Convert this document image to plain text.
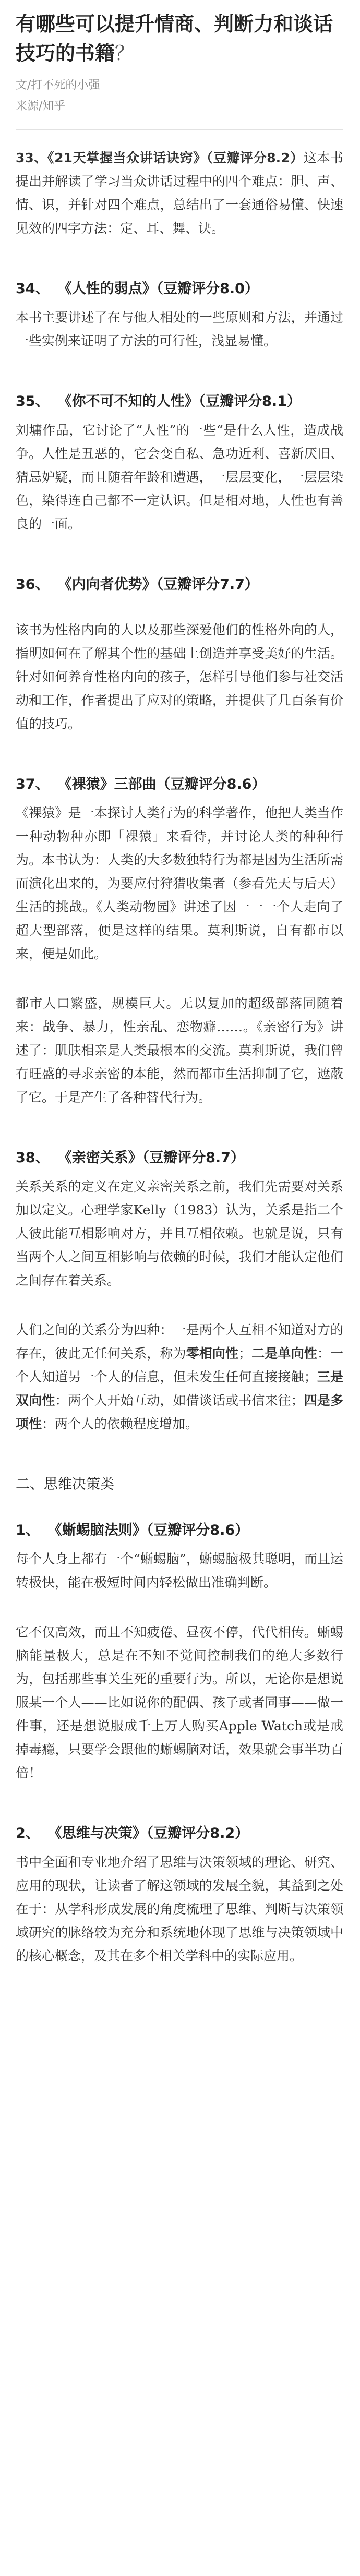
有哪些可以提升情商、判断力和谈话技巧的书籍？
文/打不死的小强
来源/知乎

33、《21天掌握当众讲话诀窍》（豆瓣评分8.2）这本书提出并解读了学习当众讲话过程中的四个难点：胆、声、情、识，并针对四个难点，总结出了一套通俗易懂、快速见效的四字方法：定、耳、舞、诀。

34、 《人性的弱点》（豆瓣评分8.0）

本书主要讲述了在与他人相处的一些原则和方法，并通过一些实例来证明了方法的可行性，浅显易懂。

35、 《你不可不知的人性》（豆瓣评分8.1）

刘墉作品，它讨论了“人性”的一些“是什么人性，造成战争。人性是丑恶的，它会变自私、急功近利、喜新厌旧、猜忌妒疑，而且随着年龄和遭遇，一层层变化，一层层染色，染得连自己都不一定认识。但是相对地，人性也有善良的一面。

36、 《内向者优势》（豆瓣评分7.7）

该书为性格内向的人以及那些深爱他们的性格外向的人，指明如何在了解其个性的基础上创造并享受美好的生活。针对如何养育性格内向的孩子，怎样引导他们参与社交活动和工作，作者提出了应对的策略，并提供了几百条有价值的技巧。

37、 《裸猿》三部曲（豆瓣评分8.6）

《裸猿》是一本探讨人类行为的科学著作，他把人类当作一种动物种亦即「裸猿」来看待，并讨论人类的种种行为。本书认为：人类的大多数独特行为都是因为生活所需而演化出来的，为要应付狩猎收集者（参看先天与后天）生活的挑战。《人类动物园》讲述了因一一一个人走向了超大型部落，便是这样的结果。莫利斯说，自有都市以来，便是如此。

都市人口繁盛，规模巨大。无以复加的超级部落同随着来：战争、暴力，性亲乱、恋物癖……。《亲密行为》讲述了：肌肤相亲是人类最根本的交流。莫利斯说，我们曾有旺盛的寻求亲密的本能，然而都市生活抑制了它，遮蔽了它。于是产生了各种替代行为。

38、 《亲密关系》（豆瓣评分8.7）

关系关系的定义在定义亲密关系之前，我们先需要对关系加以定义。心理学家Kelly（1983）认为，关系是指二个人彼此能互相影响对方，并且互相依赖。也就是说，只有当两个人之间互相影响与依赖的时候，我们才能认定他们之间存在着关系。

人们之间的关系分为四种：一是两个人互相不知道对方的存在，彼此无任何关系，称为零相向性；二是单向性：一个人知道另一个人的信息，但未发生任何直接接触；三是双向性：两个人开始互动，如借谈话或书信来往；四是多项性：两个人的依赖程度增加。

二、思维决策类
1、 《蜥蜴脑法则》（豆瓣评分8.6）

每个人身上都有一个“蜥蜴脑”，蜥蜴脑极其聪明，而且运转极快，能在极短时间内轻松做出准确判断。

它不仅高效，而且不知疲倦、昼夜不停，代代相传。蜥蜴脑能量极大，总是在不知不觉间控制我们的绝大多数行为，包括那些事关生死的重要行为。所以，无论你是想说服某一个人——比如说你的配偶、孩子或者同事——做一件事，还是想说服成千上万人购买Apple Watch或是戒掉毒瘾，只要学会跟他的蜥蜴脑对话，效果就会事半功百倍！

2、 《思维与决策》（豆瓣评分8.2）

书中全面和专业地介绍了思维与决策领域的理论、研究、应用的现状，让读者了解这领域的发展全貌，其益到之处在于：从学科形成发展的角度梳理了思维、判断与决策领域研究的脉络较为充分和系统地体现了思维与决策领域中的核心概念，及其在多个相关学科中的实际应用。
